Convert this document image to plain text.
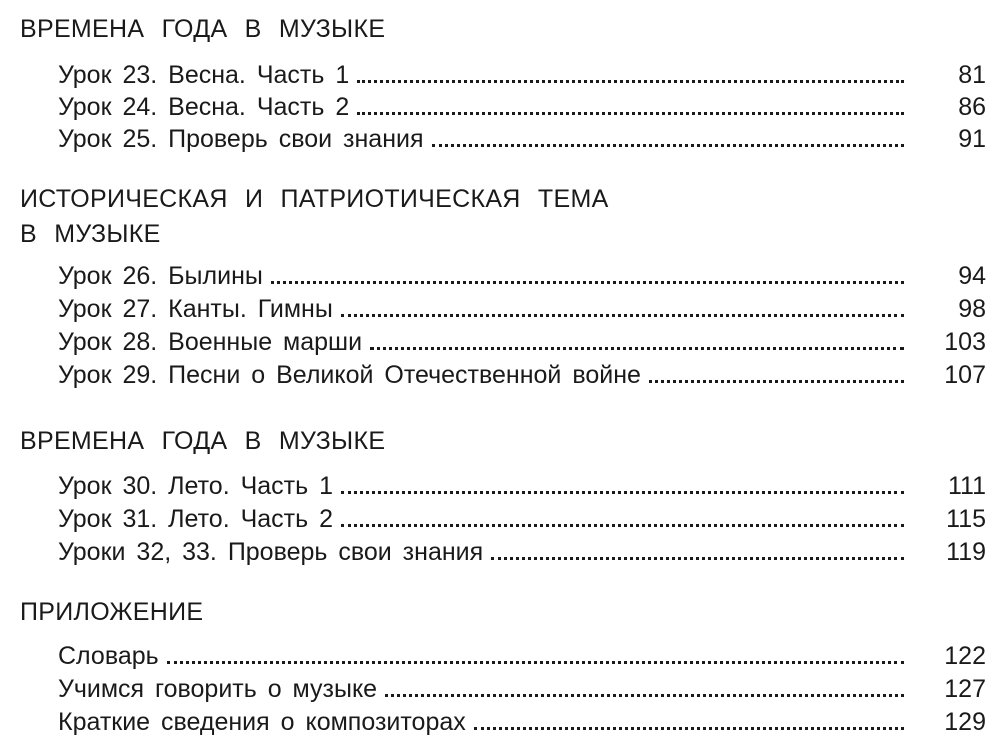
ВРЕМЕНА ГОДА В МУЗЫКЕ
Урок 23. Весна. Часть 1	81
Урок 24. Весна. Часть 2	86
Урок 25. Проверь свои знания	91
ИСТОРИЧЕСКАЯ И ПАТРИОТИЧЕСКАЯ ТЕМА
В МУЗЫКЕ
Урок 26. Былины	94
Урок 27. Канты. Гимны	98
Урок 28. Военные марши	103
Урок 29. Песни о Великой Отечественной войне	107
ВРЕМЕНА ГОДА В МУЗЫКЕ
Урок 30. Лето. Часть 1	111
Урок 31. Лето. Часть 2	115
Уроки 32, 33. Проверь свои знания	119
ПРИЛОЖЕНИЕ
Словарь	122
Учимся говорить о музыке	127
Краткие сведения о композиторах	129
